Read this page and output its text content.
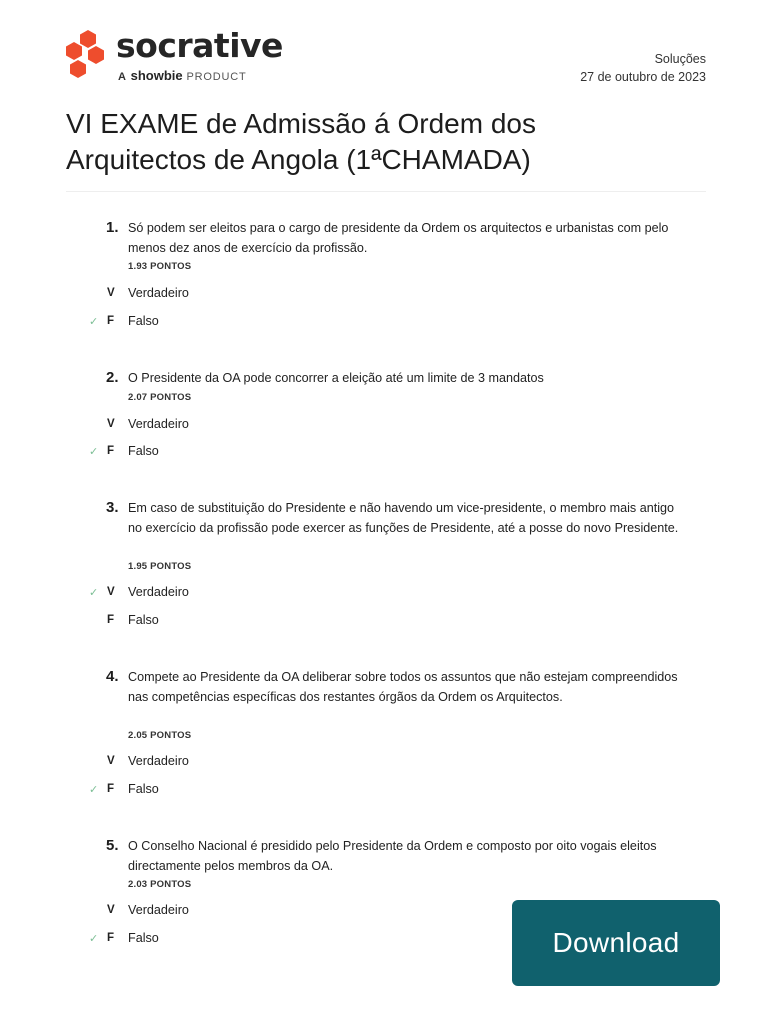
socrative
A showbie PRODUCT
Soluções
27 de outubro de 2023
VI EXAME de Admissão á Ordem dos Arquitectos de Angola (1ªCHAMADA)
1. Só podem ser eleitos para o cargo de presidente da Ordem os arquitectos e urbanistas com pelo menos dez anos de exercício da profissão.
1.93 PONTOS
V Verdadeiro
✓ F Falso
2. O Presidente da OA pode concorrer a eleição até um limite de 3 mandatos
2.07 PONTOS
V Verdadeiro
✓ F Falso
3. Em caso de substituição do Presidente e não havendo um vice-presidente, o membro mais antigo no exercício da profissão pode exercer as funções de Presidente, até a posse do novo Presidente.
1.95 PONTOS
✓ V Verdadeiro
F Falso
4. Compete ao Presidente da OA deliberar sobre todos os assuntos que não estejam compreendidos nas competências específicas dos restantes órgãos da Ordem os Arquitectos.
2.05 PONTOS
V Verdadeiro
✓ F Falso
5. O Conselho Nacional é presidido pelo Presidente da Ordem e composto por oito vogais eleitos directamente pelos membros da OA.
2.03 PONTOS
V Verdadeiro
✓ F Falso	Download
